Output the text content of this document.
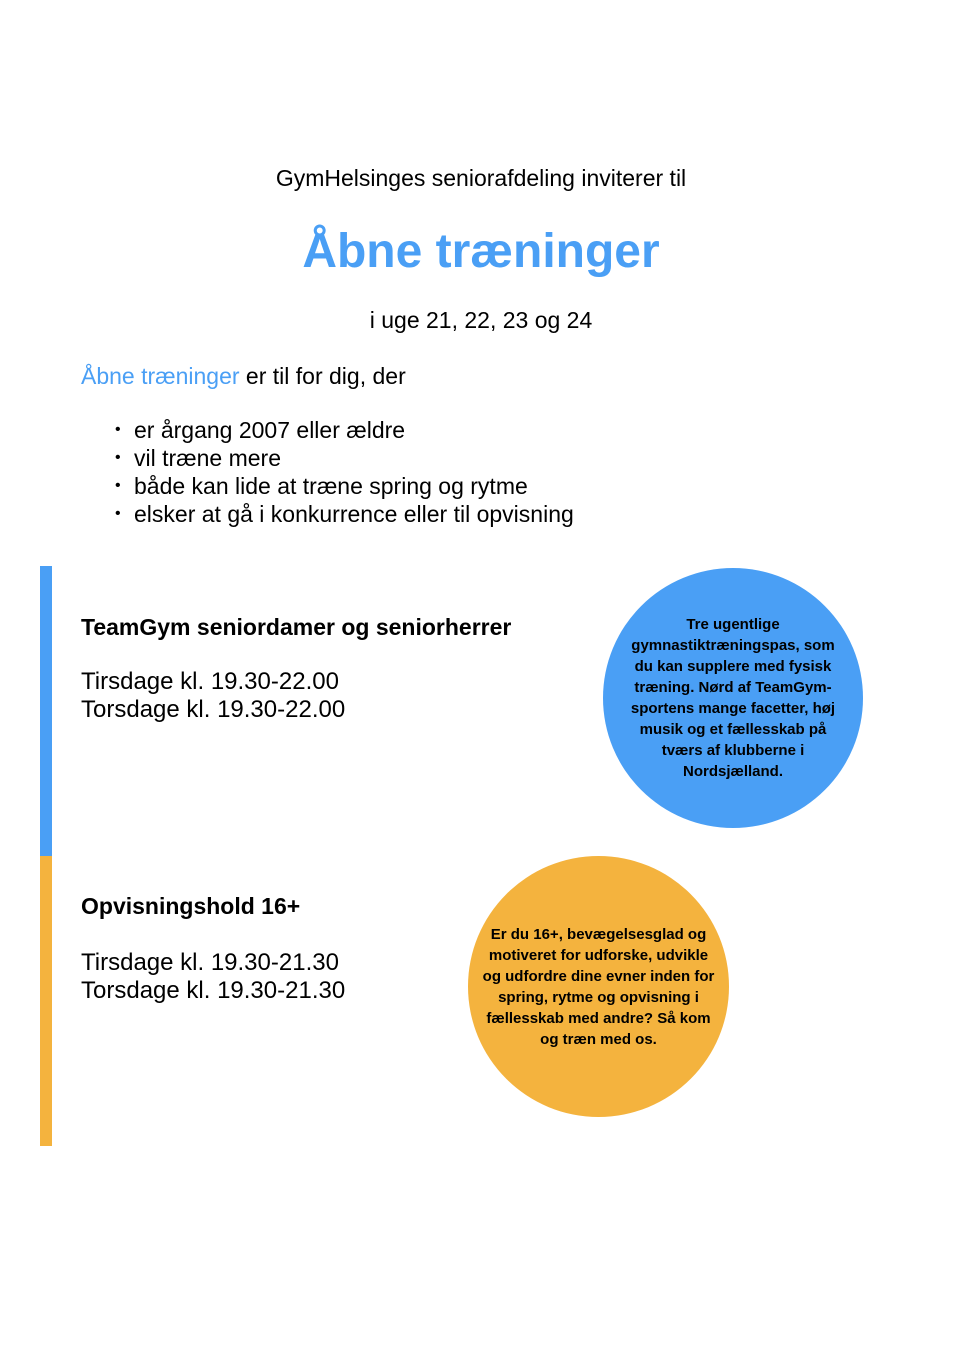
GymHelsinges seniorafdeling inviterer til
Åbne træninger
i uge 21, 22, 23 og 24
Åbne træninger er til for dig, der
• er årgang 2007 eller ældre
• vil træne mere
• både kan lide at træne spring og rytme
• elsker at gå i konkurrence eller til opvisning
TeamGym seniordamer og seniorherrer
Tirsdage kl. 19.30-22.00
Torsdage kl. 19.30-22.00
Tre ugentlige gymnastiktræningspas, som du kan supplere med fysisk træning. Nørd af TeamGym-sportens mange facetter, høj musik og et fællesskab på tværs af klubberne i Nordsjælland.
Opvisningshold 16+
Tirsdage kl. 19.30-21.30
Torsdage kl. 19.30-21.30
Er du 16+, bevægelsesglad og motiveret for udforske, udvikle og udfordre dine evner inden for spring, rytme og opvisning i fællesskab med andre? Så kom og træn med os.
